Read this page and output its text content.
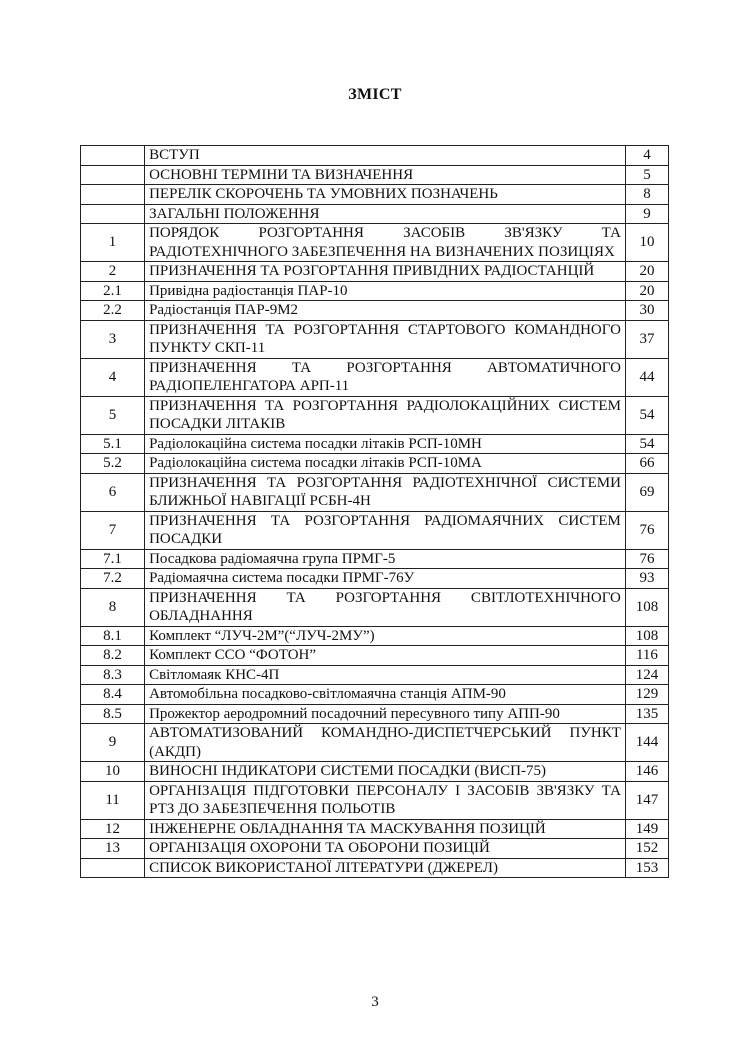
ЗМІСТ
	ВСТУП	4
	ОСНОВНІ ТЕРМІНИ ТА ВИЗНАЧЕННЯ	5
	ПЕРЕЛІК СКОРОЧЕНЬ ТА УМОВНИХ ПОЗНАЧЕНЬ	8
	ЗАГАЛЬНІ ПОЛОЖЕННЯ	9
1	ПОРЯДОК РОЗГОРТАННЯ ЗАСОБІВ ЗВ'ЯЗКУ ТА РАДІОТЕХНІЧНОГО ЗАБЕЗПЕЧЕННЯ НА ВИЗНАЧЕНИХ ПОЗИЦІЯХ	10
2	ПРИЗНАЧЕННЯ ТА РОЗГОРТАННЯ ПРИВІДНИХ РАДІОСТАНЦІЙ	20
2.1	Привідна радіостанція ПАР-10	20
2.2	Радіостанція ПАР-9М2	30
3	ПРИЗНАЧЕННЯ ТА РОЗГОРТАННЯ СТАРТОВОГО КОМАНДНОГО ПУНКТУ СКП-11	37
4	ПРИЗНАЧЕННЯ ТА РОЗГОРТАННЯ АВТОМАТИЧНОГО РАДІОПЕЛЕНГАТОРА АРП-11	44
5	ПРИЗНАЧЕННЯ ТА РОЗГОРТАННЯ РАДІОЛОКАЦІЙНИХ СИСТЕМ ПОСАДКИ ЛІТАКІВ	54
5.1	Радіолокаційна система посадки літаків РСП-10МН	54
5.2	Радіолокаційна система посадки літаків РСП-10МА	66
6	ПРИЗНАЧЕННЯ ТА РОЗГОРТАННЯ РАДІОТЕХНІЧНОЇ СИСТЕМИ БЛИЖНЬОЇ НАВІГАЦІЇ РСБН-4Н	69
7	ПРИЗНАЧЕННЯ ТА РОЗГОРТАННЯ РАДІОМАЯЧНИХ СИСТЕМ ПОСАДКИ	76
7.1	Посадкова радіомаячна група ПРМГ-5	76
7.2	Радіомаячна система посадки ПРМГ-76У	93
8	ПРИЗНАЧЕННЯ ТА РОЗГОРТАННЯ СВІТЛОТЕХНІЧНОГО ОБЛАДНАННЯ	108
8.1	Комплект “ЛУЧ-2М”(“ЛУЧ-2МУ”)	108
8.2	Комплект ССО “ФОТОН”	116
8.3	Світломаяк КНС-4П	124
8.4	Автомобільна посадково-світломаячна станція АПМ-90	129
8.5	Прожектор аеродромний посадочний пересувного типу АПП-90	135
9	АВТОМАТИЗОВАНИЙ КОМАНДНО-ДИСПЕТЧЕРСЬКИЙ ПУНКТ (АКДП)	144
10	ВИНОСНІ ІНДИКАТОРИ СИСТЕМИ ПОСАДКИ (ВИСП-75)	146
11	ОРГАНІЗАЦІЯ ПІДГОТОВКИ ПЕРСОНАЛУ І ЗАСОБІВ ЗВ'ЯЗКУ ТА РТЗ ДО ЗАБЕЗПЕЧЕННЯ ПОЛЬОТІВ	147
12	ІНЖЕНЕРНЕ ОБЛАДНАННЯ ТА МАСКУВАННЯ ПОЗИЦІЙ	149
13	ОРГАНІЗАЦІЯ ОХОРОНИ ТА ОБОРОНИ ПОЗИЦІЙ	152
	СПИСОК ВИКОРИСТАНОЇ ЛІТЕРАТУРИ (ДЖЕРЕЛ)	153
3
